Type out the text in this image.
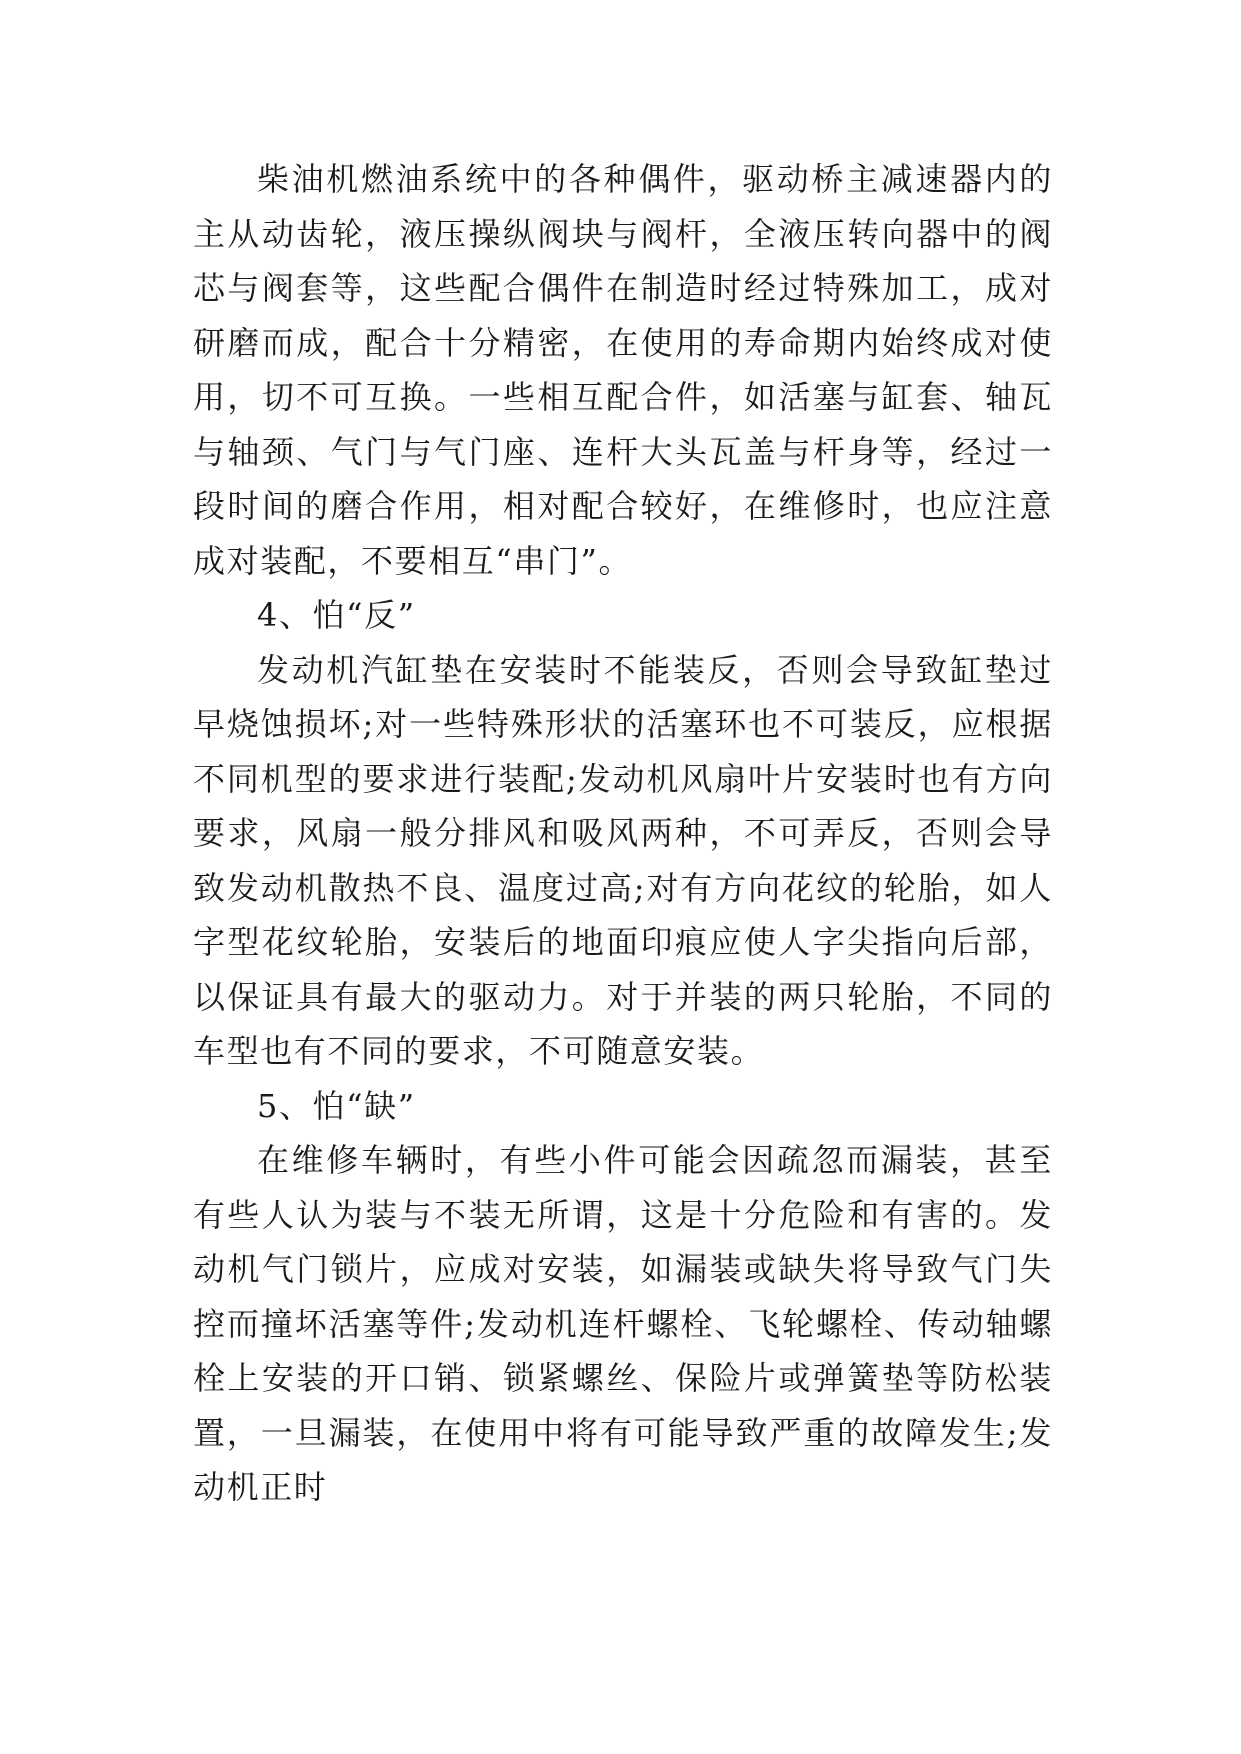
柴油机燃油系统中的各种偶件，驱动桥主减速器内的主从动齿轮，液压操纵阀块与阀杆，全液压转向器中的阀芯与阀套等，这些配合偶件在制造时经过特殊加工，成对研磨而成，配合十分精密，在使用的寿命期内始终成对使用，切不可互换。一些相互配合件，如活塞与缸套、轴瓦与轴颈、气门与气门座、连杆大头瓦盖与杆身等，经过一段时间的磨合作用，相对配合较好，在维修时，也应注意成对装配，不要相互“串门”。

4、怕“反”

发动机汽缸垫在安装时不能装反，否则会导致缸垫过早烧蚀损坏;对一些特殊形状的活塞环也不可装反，应根据不同机型的要求进行装配;发动机风扇叶片安装时也有方向要求，风扇一般分排风和吸风两种，不可弄反，否则会导致发动机散热不良、温度过高;对有方向花纹的轮胎，如人字型花纹轮胎，安装后的地面印痕应使人字尖指向后部，以保证具有最大的驱动力。对于并装的两只轮胎，不同的车型也有不同的要求，不可随意安装。

5、怕“缺”

在维修车辆时，有些小件可能会因疏忽而漏装，甚至有些人认为装与不装无所谓，这是十分危险和有害的。发动机气门锁片，应成对安装，如漏装或缺失将导致气门失控而撞坏活塞等件;发动机连杆螺栓、飞轮螺栓、传动轴螺栓上安装的开口销、锁紧螺丝、保险片或弹簧垫等防松装置，一旦漏装，在使用中将有可能导致严重的故障发生;发动机正时
